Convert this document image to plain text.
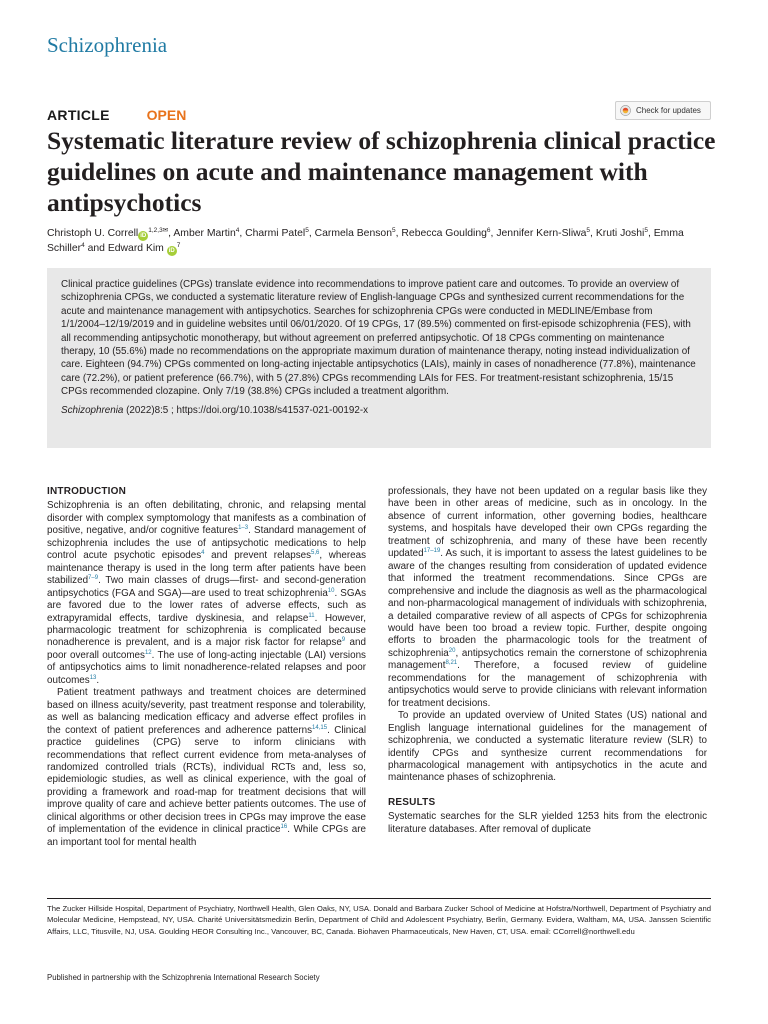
Schizophrenia
ARTICLE	OPEN	Check for updates
Systematic literature review of schizophrenia clinical practice guidelines on acute and maintenance management with antipsychotics
Christoph U. Correll $iD^{1,2,3✉}$, Amber Martin$^4$, Charmi Patel$^5$, Carmela Benson$^5$, Rebecca Goulding$^6$, Jennifer Kern-Sliwa$^5$, Kruti Joshi$^5$, Emma Schiller$^4$ and Edward Kim $iD^7$

Clinical practice guidelines (CPGs) translate evidence into recommendations to improve patient care and outcomes. To provide an overview of schizophrenia CPGs, we conducted a systematic literature review of English-language CPGs and synthesized current recommendations for the acute and maintenance management with antipsychotics. Searches for schizophrenia CPGs were conducted in MEDLINE/Embase from 1/1/2004–12/19/2019 and in guideline websites until 06/01/2020. Of 19 CPGs, 17 (89.5%) commented on first-episode schizophrenia (FES), with all recommending antipsychotic monotherapy, but without agreement on preferred antipsychotic. Of 18 CPGs commenting on maintenance therapy, 10 (55.6%) made no recommendations on the appropriate maximum duration of maintenance therapy, noting instead individualization of care. Eighteen (94.7%) CPGs commented on long-acting injectable antipsychotics (LAIs), mainly in cases of nonadherence (77.8%), maintenance care (72.2%), or patient preference (66.7%), with 5 (27.8%) CPGs recommending LAIs for FES. For treatment-resistant schizophrenia, 15/15 CPGs recommended clozapine. Only 7/19 (38.8%) CPGs included a treatment algorithm.

Schizophrenia (2022)8:5 ; https://doi.org/10.1038/s41537-021-00192-x

INTRODUCTION

Schizophrenia is an often debilitating, chronic, and relapsing mental disorder with complex symptomology that manifests as a combination of positive, negative, and/or cognitive features$^{1-3}$. Standard management of schizophrenia includes the use of antipsychotic medications to help control acute psychotic episodes$^4$ and prevent relapses$^{5,6}$, whereas maintenance therapy is used in the long term after patients have been stabilized$^{7-9}$. Two main classes of drugs—first- and second-generation antipsychotics (FGA and SGA)—are used to treat schizophrenia$^{10}$. SGAs are favored due to the lower rates of adverse effects, such as extrapyramidal effects, tardive dyskinesia, and relapse$^{11}$. However, pharmacologic treatment for schizophrenia is complicated because nonadherence is prevalent, and is a major risk factor for relapse$^9$ and poor overall outcomes$^{12}$. The use of long-acting injectable (LAI) versions of antipsychotics aims to limit nonadherence-related relapses and poor outcomes$^{13}$.

Patient treatment pathways and treatment choices are determined based on illness acuity/severity, past treatment response and tolerability, as well as balancing medication efficacy and adverse effect profiles in the context of patient preferences and adherence patterns$^{14,15}$. Clinical practice guidelines (CPG) serve to inform clinicians with recommendations that reflect current evidence from meta-analyses of randomized controlled trials (RCTs), individual RCTs and, less so, epidemiologic studies, as well as clinical experience, with the goal of providing a framework and road-map for treatment decisions that will improve quality of care and achieve better patients outcomes. The use of clinical algorithms or other decision trees in CPGs may improve the ease of implementation of the evidence in clinical practice$^{16}$. While CPGs are an important tool for mental health

professionals, they have not been updated on a regular basis like they have been in other areas of medicine, such as in oncology. In the absence of current information, other governing bodies, healthcare systems, and hospitals have developed their own CPGs regarding the treatment of schizophrenia, and many of these have been recently updated$^{17-19}$. As such, it is important to assess the latest guidelines to be aware of the changes resulting from consideration of updated evidence that informed the treatment recommendations. Since CPGs are comprehensive and include the diagnosis as well as the pharmacological and non-pharmacological management of individuals with schizophrenia, a detailed comparative review of all aspects of CPGs for schizophrenia would have been too broad a review topic. Further, despite ongoing efforts to broaden the pharmacologic tools for the treatment of schizophrenia$^{20}$, antipsychotics remain the cornerstone of schizophrenia management$^{8,21}$. Therefore, a focused review of guideline recommendations for the management of schizophrenia with antipsychotics would serve to provide clinicians with relevant information for treatment decisions.

To provide an updated overview of United States (US) national and English language international guidelines for the management of schizophrenia, we conducted a systematic literature review (SLR) to identify CPGs and synthesize current recommendations for pharmacological management with antipsychotics in the acute and maintenance phases of schizophrenia.

RESULTS

Systematic searches for the SLR yielded 1253 hits from the electronic literature databases. After removal of duplicate

The Zucker Hillside Hospital, Department of Psychiatry, Northwell Health, Glen Oaks, NY, USA. Donald and Barbara Zucker School of Medicine at Hofstra/Northwell, Department of Psychiatry and Molecular Medicine, Hempstead, NY, USA. Charité Universitätsmedizin Berlin, Department of Child and Adolescent Psychiatry, Berlin, Germany. Evidera, Waltham, MA, USA. Janssen Scientific Affairs, LLC, Titusville, NJ, USA. Goulding HEOR Consulting Inc., Vancouver, BC, Canada. Biohaven Pharmaceuticals, New Haven, CT, USA. email: CCorrell@northwell.edu
Published in partnership with the Schizophrenia International Research Society
